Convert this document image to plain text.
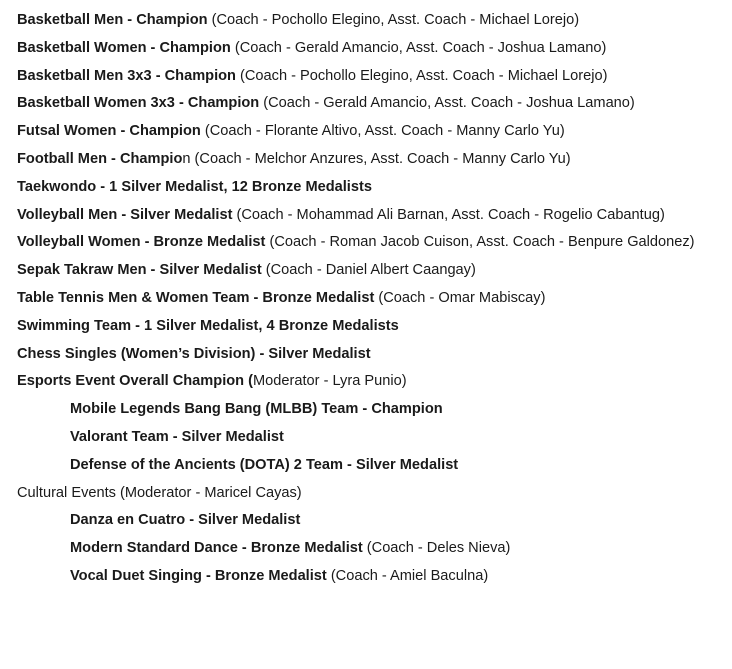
Basketball Men - Champion (Coach - Pochollo Elegino, Asst. Coach - Michael Lorejo)

Basketball Women - Champion (Coach - Gerald Amancio, Asst. Coach - Joshua Lamano)

Basketball Men 3x3 - Champion (Coach - Pochollo Elegino, Asst. Coach - Michael Lorejo)

Basketball Women 3x3 - Champion (Coach - Gerald Amancio, Asst. Coach - Joshua Lamano)

Futsal Women - Champion (Coach - Florante Altivo, Asst. Coach - Manny Carlo Yu)

Football Men - Champion (Coach - Melchor Anzures, Asst. Coach - Manny Carlo Yu)

Taekwondo - 1 Silver Medalist, 12 Bronze Medalists

Volleyball Men - Silver Medalist (Coach - Mohammad Ali Barnan, Asst. Coach - Rogelio Cabantug)

Volleyball Women - Bronze Medalist (Coach - Roman Jacob Cuison, Asst. Coach - Benpure Galdonez)

Sepak Takraw Men - Silver Medalist (Coach - Daniel Albert Caangay)

Table Tennis Men & Women Team - Bronze Medalist (Coach - Omar Mabiscay)

Swimming Team - 1 Silver Medalist, 4 Bronze Medalists

Chess Singles (Women’s Division) - Silver Medalist

Esports Event Overall Champion (Moderator - Lyra Punio)

Mobile Legends Bang Bang (MLBB) Team - Champion

Valorant Team - Silver Medalist

Defense of the Ancients (DOTA) 2 Team - Silver Medalist

Cultural Events (Moderator - Maricel Cayas)

Danza en Cuatro - Silver Medalist

Modern Standard Dance - Bronze Medalist (Coach - Deles Nieva)

Vocal Duet Singing - Bronze Medalist (Coach - Amiel Baculna)
